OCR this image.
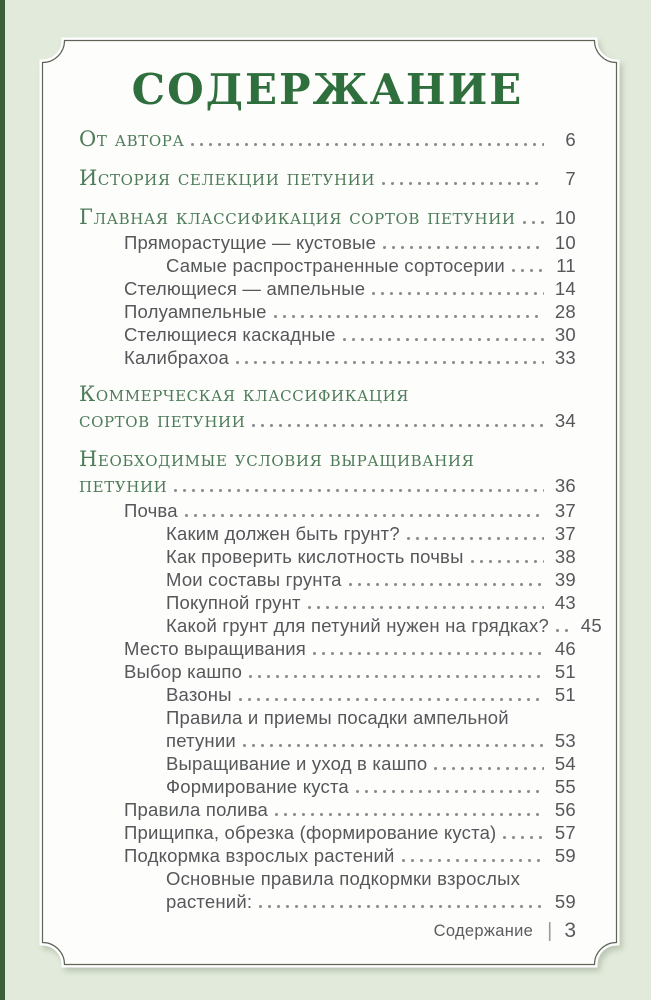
СОДЕРЖАНИЕ
От автора	6
История селекции петунии	7
Главная классификация сортов петунии 10
Пряморастущие — кустовые	10
Самые распространенные сортосерии	11
Стелющиеся — ампельные	14
Полуампельные	28
Стелющиеся каскадные	30
Калибрахоа	33
Коммерческая классификация
сортов петунии	34
Необходимые условия выращивания
петунии	36
Почва	37
Каким должен быть грунт?	37
Как проверить кислотность почвы	38
Мои составы грунта	39
Покупной грунт	43
Какой грунт для петуний нужен на грядках? 45
Место выращивания	46
Выбор кашпо	51
Вазоны	51
Правила и приемы посадки ампельной
петунии	53
Выращивание и уход в кашпо	54
Формирование куста	55
Правила полива	56
Прищипка, обрезка (формирование куста)	57
Подкормка взрослых растений	59
Основные правила подкормки взрослых
растений:	59
Содержание | 3
